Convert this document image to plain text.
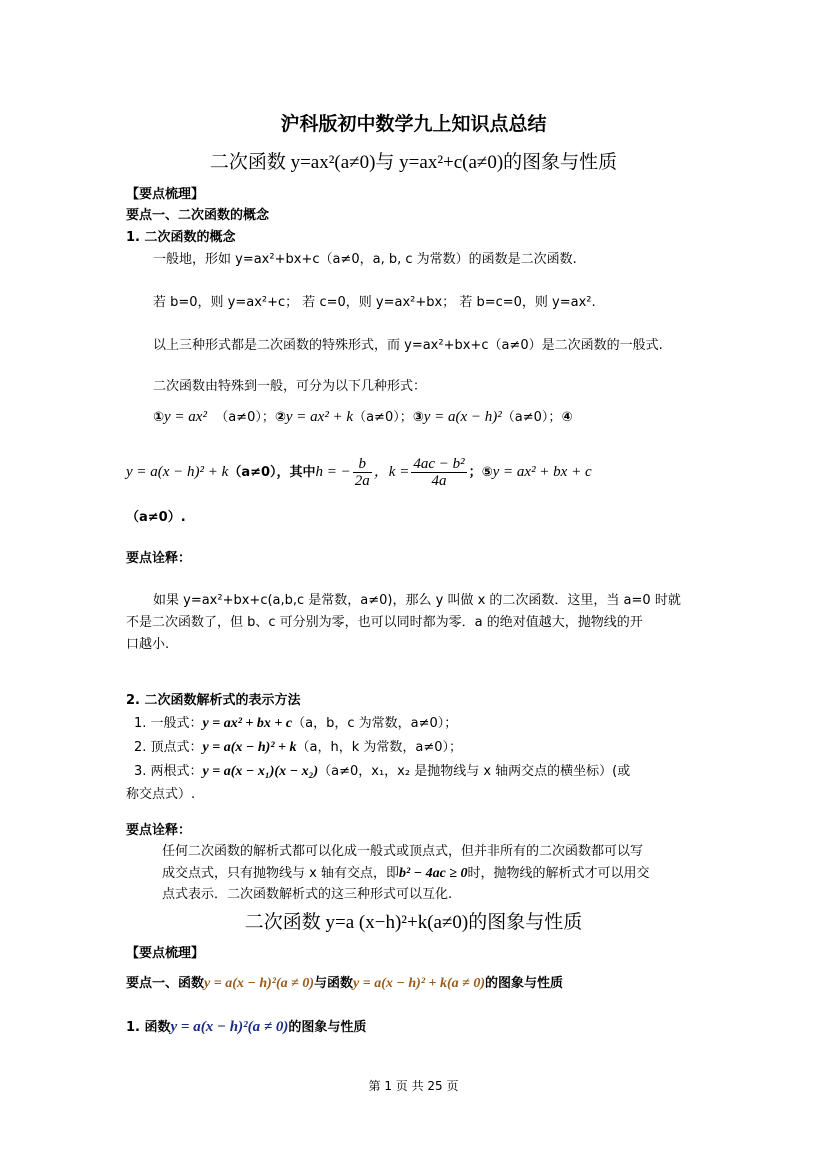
沪科版初中数学九上知识点总结
二次函数 y=ax²(a≠0)与 y=ax²+c(a≠0)的图象与性质
【要点梳理】
要点一、二次函数的概念
1. 二次函数的概念
一般地，形如 y=ax²+bx+c（a≠0，a, b, c 为常数）的函数是二次函数.
若 b=0，则 y=ax²+c； 若 c=0，则 y=ax²+bx； 若 b=c=0，则 y=ax².
以上三种形式都是二次函数的特殊形式，而 y=ax²+bx+c（a≠0）是二次函数的一般式.
二次函数由特殊到一般，可分为以下几种形式：
①y = ax² （a≠0）；②y = ax² + k（a≠0）；③y = a(x − h)²（a≠0）；④
y = a(x − h)² + k（a≠0），其中h = − $\frac{b}{2a}$ ，$k = \frac{\text{4ac − b²}}{4a}$ ；⑤y = ax² + bx + c
（a≠0）.
要点诠释：
如果 y=ax²+bx+c(a,b,c 是常数，a≠0)，那么 y 叫做 x 的二次函数．这里，当 a=0 时就
不是二次函数了，但 b、c 可分别为零，也可以同时都为零．a 的绝对值越大，抛物线的开
口越小.
2. 二次函数解析式的表示方法
1. 一般式：y = ax² + bx + c（a，b，c 为常数，a≠0）；
2. 顶点式：y = a(x − h)² + k（a，h，k 为常数，a≠0）；
3. 两根式：y = a(x − x₁)(x − x₂)（a≠0，x₁，x₂ 是抛物线与 x 轴两交点的横坐标）(或
称交点式）.
要点诠释：
任何二次函数的解析式都可以化成一般式或顶点式，但并非所有的二次函数都可以写
成交点式，只有抛物线与 x 轴有交点，即b² − 4ac ≥ 0时，抛物线的解析式才可以用交
点式表示．二次函数解析式的这三种形式可以互化.
二次函数 y=a (x−h)²+k(a≠0)的图象与性质
【要点梳理】
要点一、函数y = a(x − h)²(a ≠ 0)与函数y = a(x − h)² + k(a ≠ 0)的图象与性质
1. 函数y = a(x − h)²(a ≠ 0)的图象与性质
第 1 页 共 25 页
